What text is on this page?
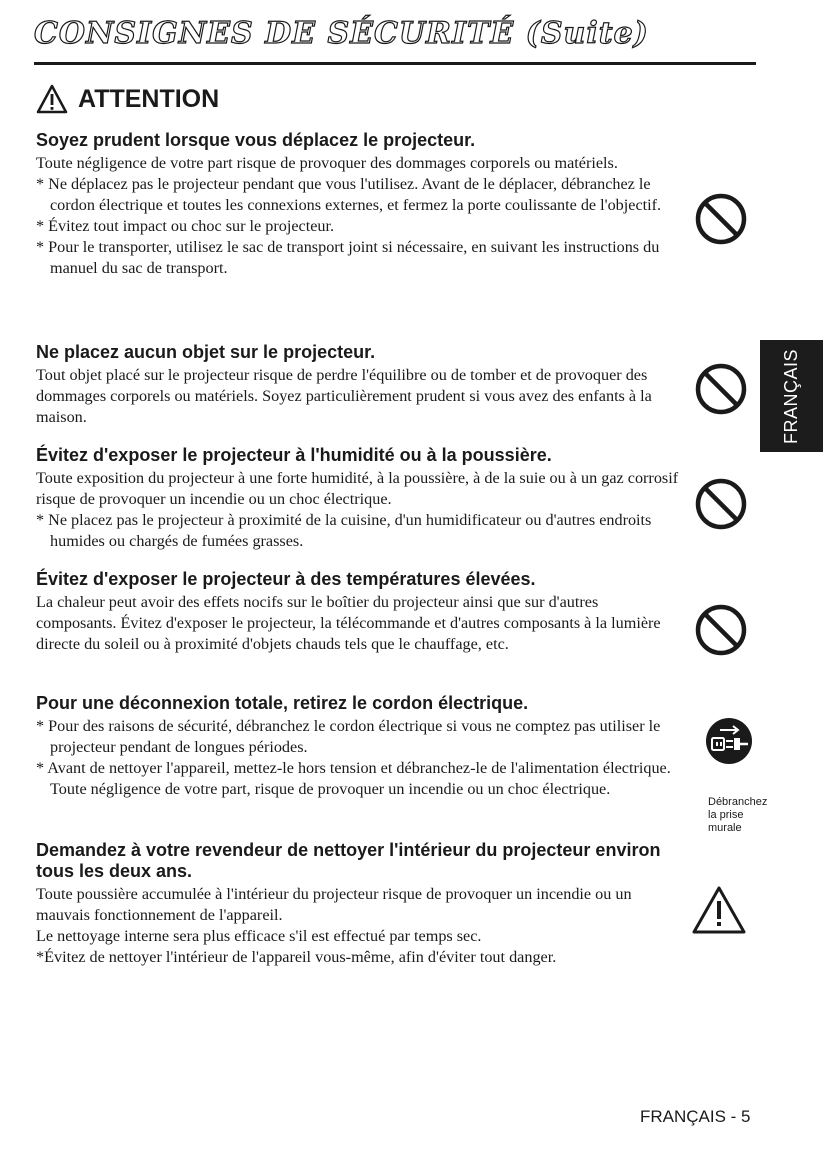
CONSIGNES DE SÉCURITÉ (Suite)
ATTENTION
Soyez prudent lorsque vous déplacez le projecteur.

Toute négligence de votre part risque de provoquer des dommages corporels ou matériels.

* Ne déplacez pas le projecteur pendant que vous l'utilisez. Avant de le déplacer, débranchez le cordon électrique et toutes les connexions externes, et fermez la porte coulissante de l'objectif.

* Évitez tout impact ou choc sur le projecteur.

* Pour le transporter, utilisez le sac de transport joint si nécessaire, en suivant les instructions du manuel du sac de transport.

Ne placez aucun objet sur le projecteur.

Tout objet placé sur le projecteur risque de perdre l'équilibre ou de tomber et de provoquer des dommages corporels ou matériels. Soyez particulièrement prudent si vous avez des enfants à la maison.

Évitez d'exposer le projecteur à l'humidité ou à la poussière.

Toute exposition du projecteur à une forte humidité, à la poussière, à de la suie ou à un gaz corrosif risque de provoquer un incendie ou un choc électrique.

* Ne placez pas le projecteur à proximité de la cuisine, d'un humidificateur ou d'autres endroits humides ou chargés de fumées grasses.

Évitez d'exposer le projecteur à des températures élevées.

La chaleur peut avoir des effets nocifs sur le boîtier du projecteur ainsi que sur d'autres composants. Évitez d'exposer le projecteur, la télécommande et d'autres composants à la lumière directe du soleil ou à proximité d'objets chauds tels que le chauffage, etc.

Pour une déconnexion totale, retirez le cordon électrique.

* Pour des raisons de sécurité, débranchez le cordon électrique si vous ne comptez pas utiliser le projecteur pendant de longues périodes.

* Avant de nettoyer l'appareil, mettez-le hors tension et débranchez-le de l'alimentation électrique. Toute négligence de votre part, risque de provoquer un incendie ou un choc électrique.

Demandez à votre revendeur de nettoyer l'intérieur du projecteur environ tous les deux ans.

Toute poussière accumulée à l'intérieur du projecteur risque de provoquer un incendie ou un mauvais fonctionnement de l'appareil.

Le nettoyage interne sera plus efficace s'il est effectué par temps sec.

*Évitez de nettoyer l'intérieur de l'appareil vous-même, afin d'éviter tout danger.

Débranchez
la prise
murale
FRANÇAIS
FRANÇAIS - 5
